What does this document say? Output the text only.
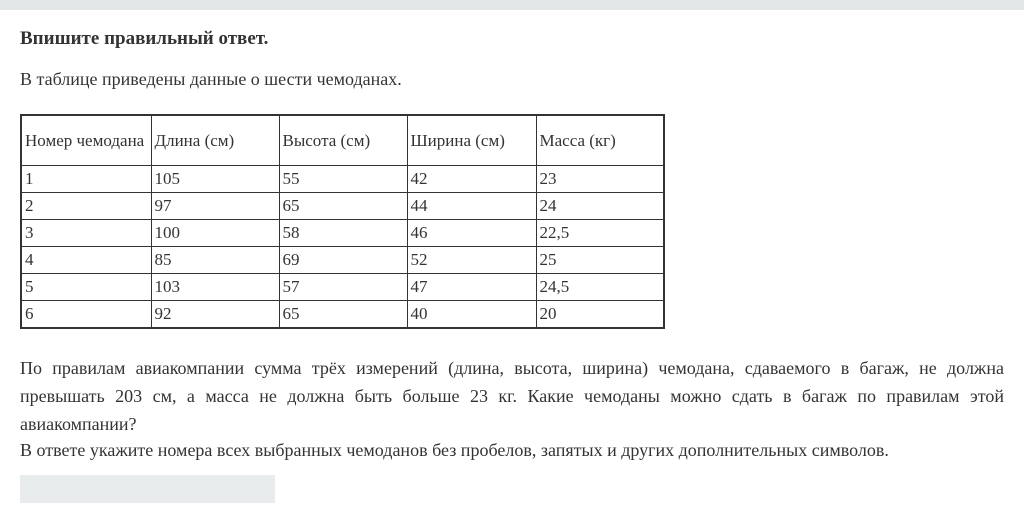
Впишите правильный ответ.

В таблице приведены данные о шести чемоданах.

Номер чемодана	Длина (см)	Высота (см)	Ширина (см)	Масса (кг)
1	105	55	42	23
2	97	65	44	24
3	100	58	46	22,5
4	85	69	52	25
5	103	57	47	24,5
6	92	65	40	20

По правилам авиакомпании сумма трёх измерений (длина, высота, ширина) чемодана, сдаваемого в багаж, не должна превышать 203 см, а масса не должна быть больше 23 кг. Какие чемоданы можно сдать в багаж по правилам этой авиакомпании?

В ответе укажите номера всех выбранных чемоданов без пробелов, запятых и других дополнительных символов.
